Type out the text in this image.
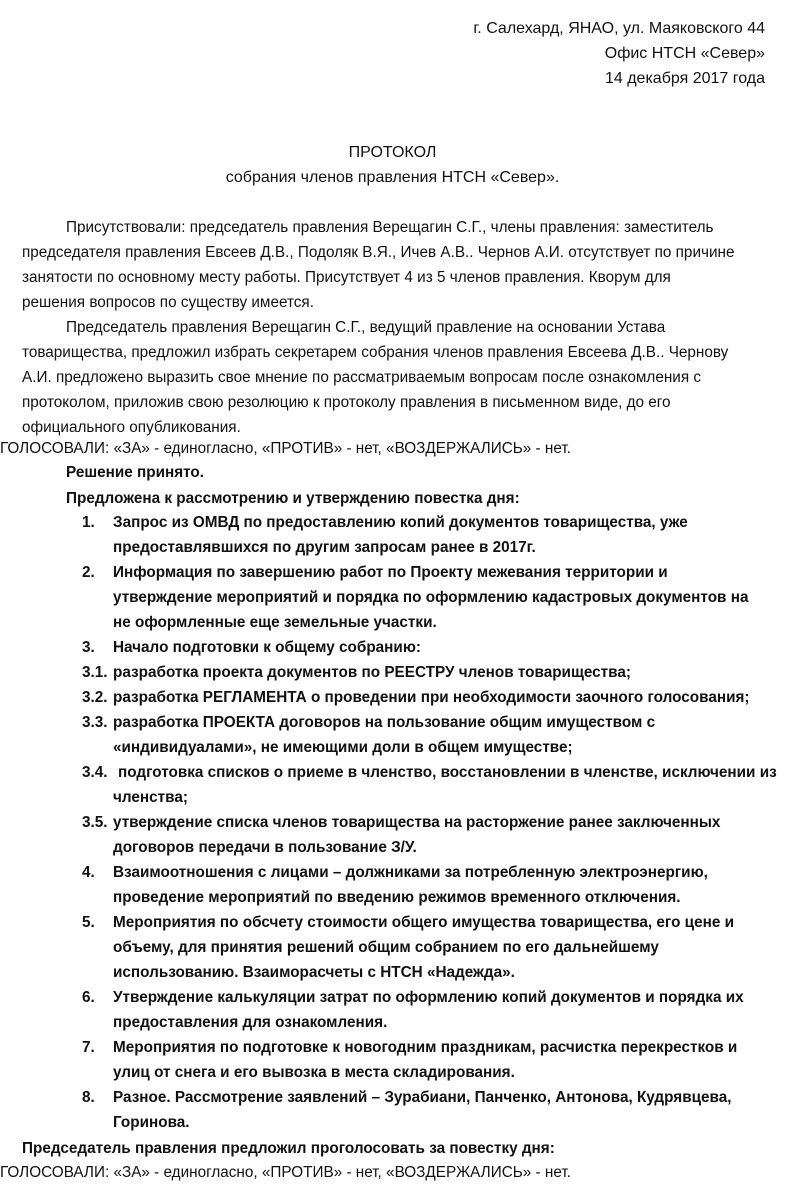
г. Салехард, ЯНАО, ул. Маяковского 44
Офис НТСН «Север»
14 декабря 2017 года
ПРОТОКОЛ
собрания членов правления НТСН «Север».
Присутствовали: председатель правления Верещагин С.Г., члены правления: заместитель
председателя правления Евсеев Д.В., Подоляк В.Я., Ичев А.В.. Чернов А.И. отсутствует по причине
занятости по основному месту работы. Присутствует 4 из 5 членов правления. Кворум для
решения вопросов по существу имеется.
Председатель правления Верещагин С.Г., ведущий правление на основании Устава
товарищества, предложил избрать секретарем собрания членов правления Евсеева Д.В.. Чернову
А.И. предложено выразить свое мнение по рассматриваемым вопросам после ознакомления с
протоколом, приложив свою резолюцию к протоколу правления в письменном виде, до его
официального опубликования.
ГОЛОСОВАЛИ: «ЗА» - единогласно, «ПРОТИВ» - нет, «ВОЗДЕРЖАЛИСЬ» - нет.
Решение принято.
Предложена к рассмотрению и утверждению повестка дня:
1. Запрос из ОМВД по предоставлению копий документов товарищества, уже
предоставлявшихся по другим запросам ранее в 2017г.
2. Информация по завершению работ по Проекту межевания территории и
утверждение мероприятий и порядка по оформлению кадастровых документов на
не оформленные еще земельные участки.
3. Начало подготовки к общему собранию:
3.1. разработка проекта документов по РЕЕСТРУ членов товарищества;
3.2. разработка РЕГЛАМЕНТА о проведении при необходимости заочного голосования;
3.3. разработка ПРОЕКТА договоров на пользование общим имуществом с
«индивидуалами», не имеющими доли в общем имуществе;
3.4. подготовка списков о приеме в членство, восстановлении в членстве, исключении из
членства;
3.5. утверждение списка членов товарищества на расторжение ранее заключенных
договоров передачи в пользование З/У.
4. Взаимоотношения с лицами – должниками за потребленную электроэнергию,
проведение мероприятий по введению режимов временного отключения.
5. Мероприятия по обсчету стоимости общего имущества товарищества, его цене и
объему, для принятия решений общим собранием по его дальнейшему
использованию. Взаиморасчеты с НТСН «Надежда».
6. Утверждение калькуляции затрат по оформлению копий документов и порядка их
предоставления для ознакомления.
7. Мероприятия по подготовке к новогодним праздникам, расчистка перекрестков и
улиц от снега и его вывозка в места складирования.
8. Разное. Рассмотрение заявлений – Зурабиани, Панченко, Антонова, Кудрявцева,
Горинова.
Председатель правления предложил проголосовать за повестку дня:
ГОЛОСОВАЛИ: «ЗА» - единогласно, «ПРОТИВ» - нет, «ВОЗДЕРЖАЛИСЬ» - нет.
